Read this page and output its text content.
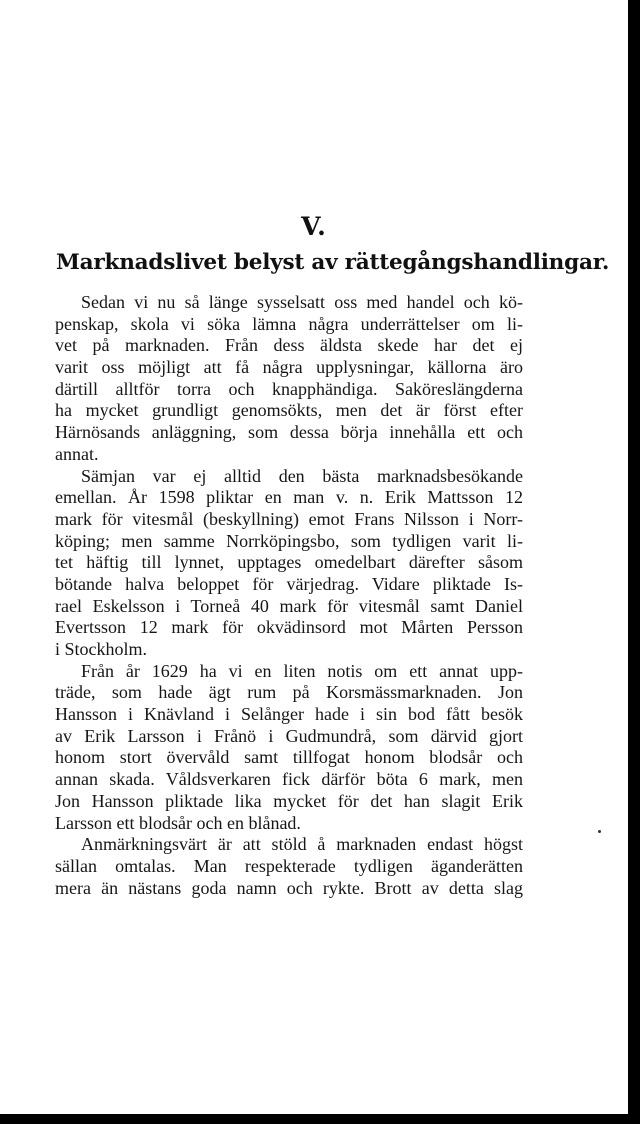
V.
Marknadslivet belyst av rättegångshandlingar.
Sedan vi nu så länge sysselsatt oss med handel och kö-
penskap, skola vi söka lämna några underrättelser om li-
vet på marknaden. Från dess äldsta skede har det ej
varit oss möjligt att få några upplysningar, källorna äro
därtill alltför torra och knapphändiga. Saköreslängderna
ha mycket grundligt genomsökts, men det är först efter
Härnösands anläggning, som dessa börja innehålla ett och
annat.
Sämjan var ej alltid den bästa marknadsbesökande
emellan. År 1598 pliktar en man v. n. Erik Mattsson 12
mark för vitesmål (beskyllning) emot Frans Nilsson i Norr-
köping; men samme Norrköpingsbo, som tydligen varit li-
tet häftig till lynnet, upptages omedelbart därefter såsom
bötande halva beloppet för värjedrag. Vidare pliktade Is-
rael Eskelsson i Torneå 40 mark för vitesmål samt Daniel
Evertsson 12 mark för okvädinsord mot Mårten Persson
i Stockholm.
Från år 1629 ha vi en liten notis om ett annat upp-
träde, som hade ägt rum på Korsmässmarknaden. Jon
Hansson i Knävland i Selånger hade i sin bod fått besök
av Erik Larsson i Frånö i Gudmundrå, som därvid gjort
honom stort övervåld samt tillfogat honom blodsår och
annan skada. Våldsverkaren fick därför böta 6 mark, men
Jon Hansson pliktade lika mycket för det han slagit Erik
Larsson ett blodsår och en blånad.
Anmärkningsvärt är att stöld å marknaden endast högst
sällan omtalas. Man respekterade tydligen äganderätten
mera än nästans goda namn och rykte. Brott av detta slag
